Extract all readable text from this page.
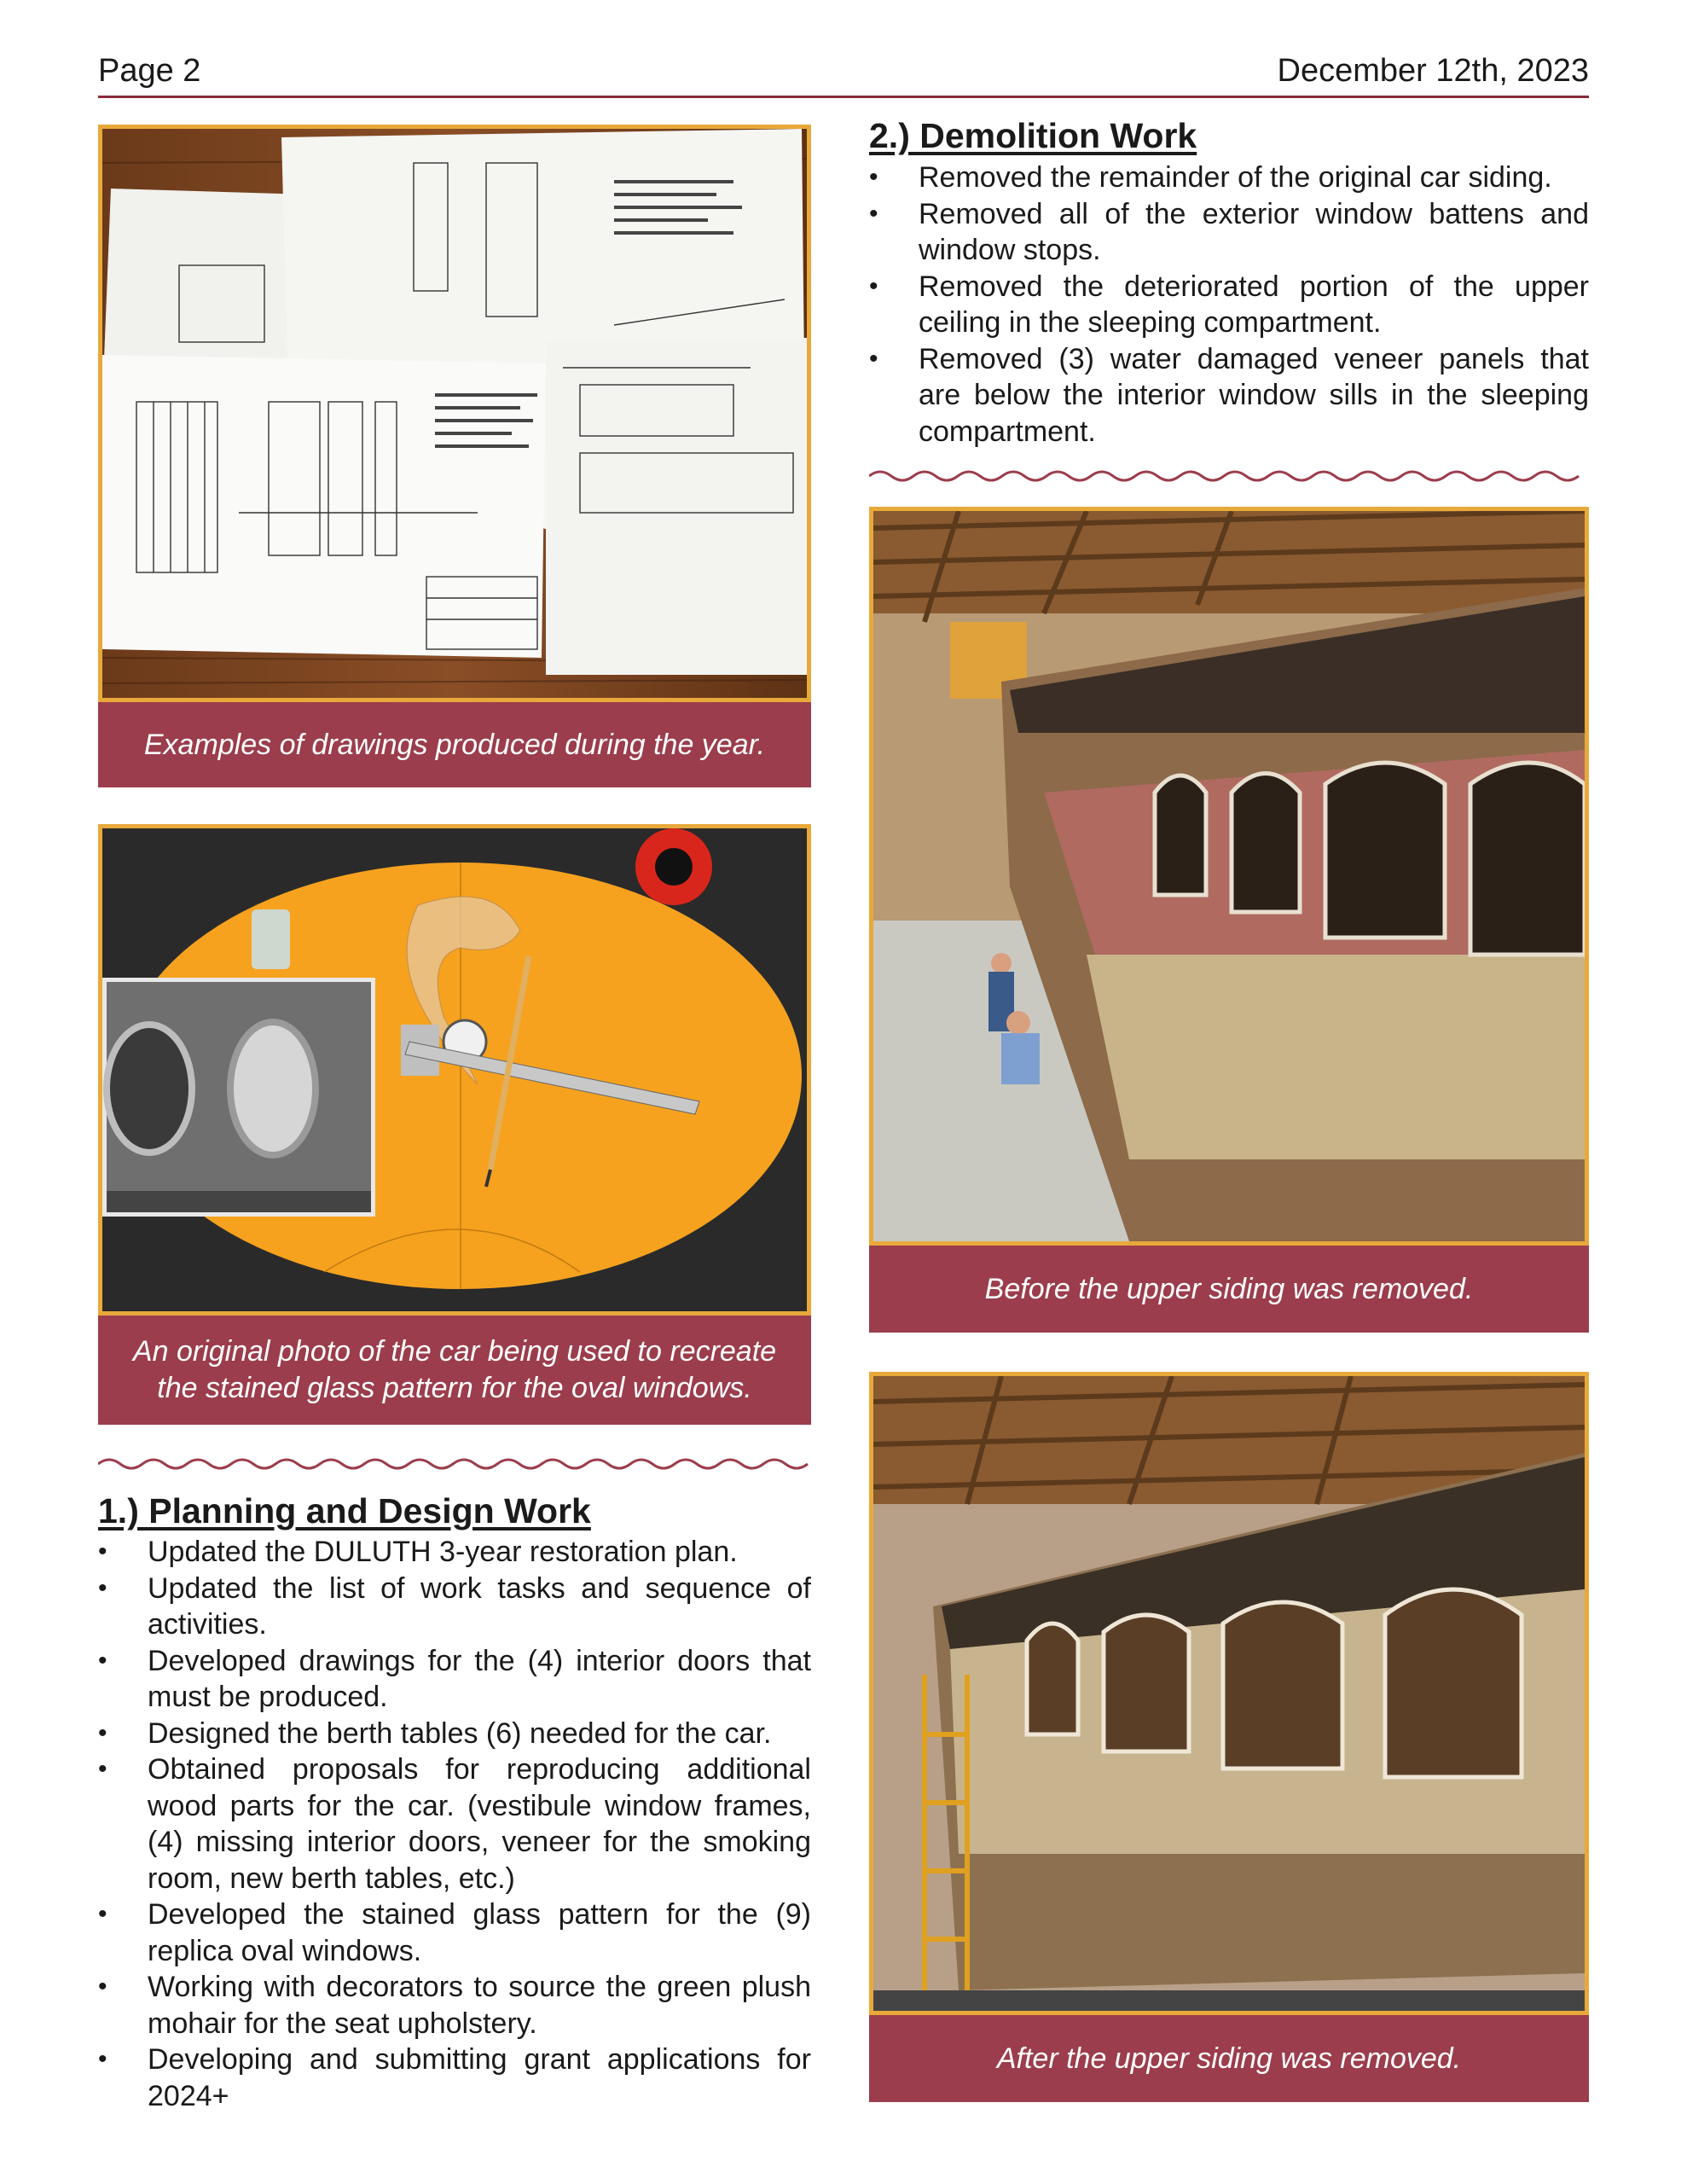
Page 2	December 12th, 2023
Examples of drawings produced during the year.
An original photo of the car being used to recreate the stained glass pattern for the oval windows.
1.) Planning and Design Work
• Updated the DULUTH 3-year restoration plan.
• Updated the list of work tasks and sequence of activities.
• Developed drawings for the (4) interior doors that must be produced.
• Designed the berth tables (6) needed for the car.
• Obtained proposals for reproducing additional wood parts for the car. (vestibule window frames, (4) missing interior doors, veneer for the smoking room, new berth tables, etc.)
• Developed the stained glass pattern for the (9) replica oval windows.
• Working with decorators to source the green plush mohair for the seat upholstery.
• Developing and submitting grant applications for 2024+
2.) Demolition Work
• Removed the remainder of the original car siding.
• Removed all of the exterior window battens and window stops.
• Removed the deteriorated portion of the upper ceiling in the sleeping compartment.
• Removed (3) water damaged veneer panels that are below the interior window sills in the sleeping compartment.
Before the upper siding was removed.
After the upper siding was removed.
